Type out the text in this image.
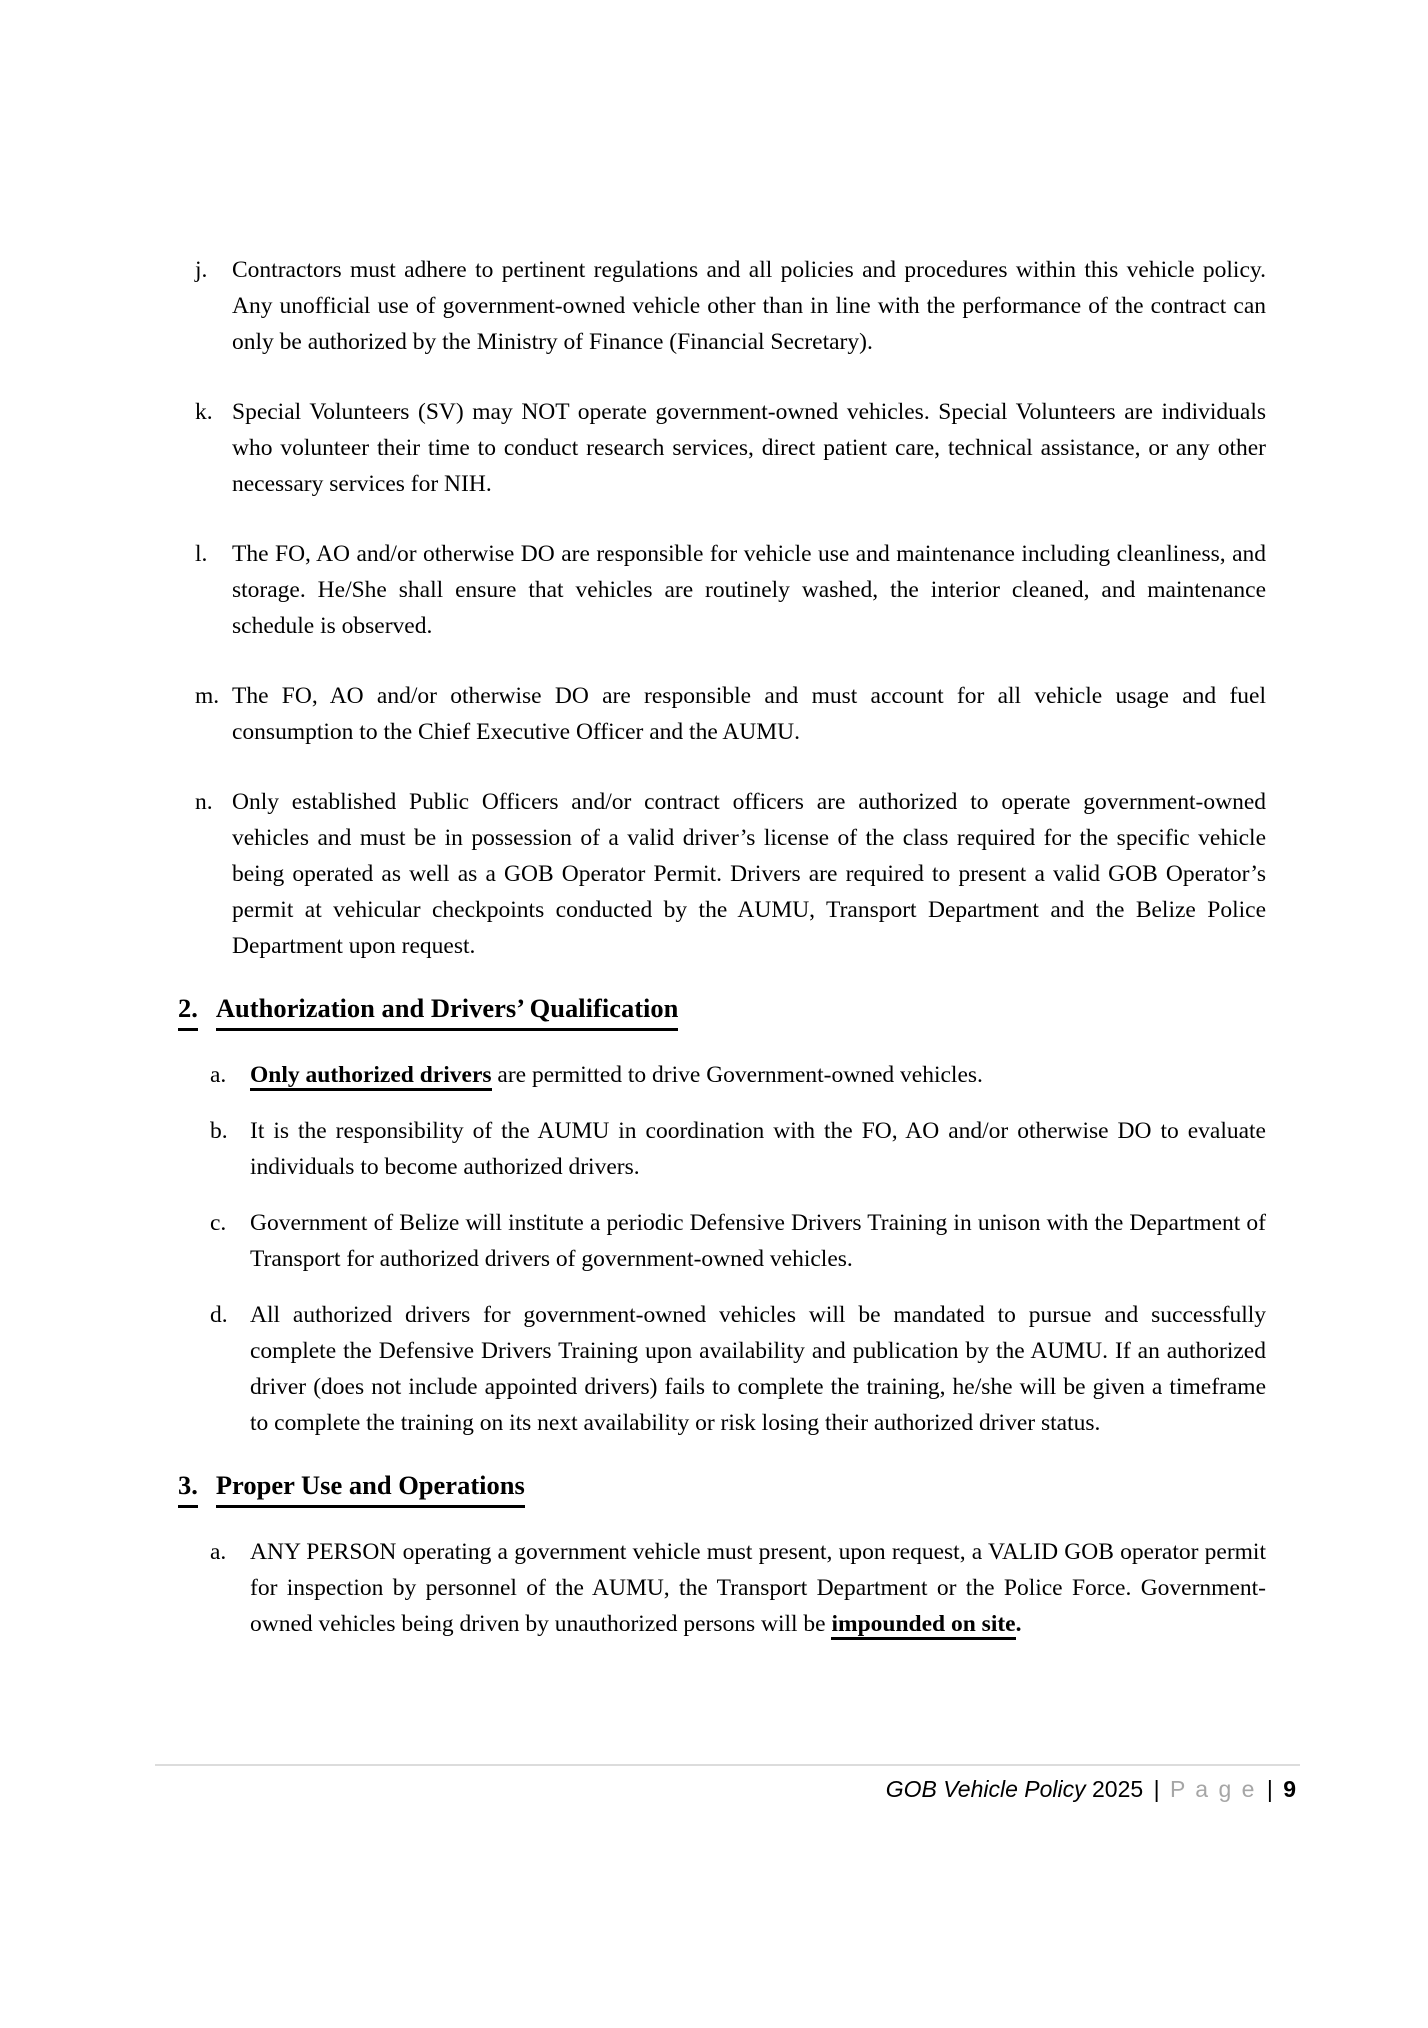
j.	Contractors must adhere to pertinent regulations and all policies and procedures within this vehicle policy. Any unofficial use of government-owned vehicle other than in line with the performance of the contract can only be authorized by the Ministry of Finance (Financial Secretary).
k. Special Volunteers (SV) may NOT operate government-owned vehicles. Special Volunteers are individuals who volunteer their time to conduct research services, direct patient care, technical assistance, or any other necessary services for NIH.
l.	The FO, AO and/or otherwise DO are responsible for vehicle use and maintenance including cleanliness, and storage. He/She shall ensure that vehicles are routinely washed, the interior cleaned, and maintenance schedule is observed.
m. The FO, AO and/or otherwise DO are responsible and must account for all vehicle usage and fuel consumption to the Chief Executive Officer and the AUMU.
n. Only established Public Officers and/or contract officers are authorized to operate government-owned vehicles and must be in possession of a valid driver’s license of the class required for the specific vehicle being operated as well as a GOB Operator Permit. Drivers are required to present a valid GOB Operator’s permit at vehicular checkpoints conducted by the AUMU, Transport Department and the Belize Police Department upon request.
2. Authorization and Drivers’ Qualification
a.	Only authorized drivers are permitted to drive Government-owned vehicles.
b. It is the responsibility of the AUMU in coordination with the FO, AO and/or otherwise DO to evaluate individuals to become authorized drivers.
c.	Government of Belize will institute a periodic Defensive Drivers Training in unison with the Department of Transport for authorized drivers of government-owned vehicles.
d. All authorized drivers for government-owned vehicles will be mandated to pursue and successfully complete the Defensive Drivers Training upon availability and publication by the AUMU. If an authorized driver (does not include appointed drivers) fails to complete the training, he/she will be given a timeframe to complete the training on its next availability or risk losing their authorized driver status.
3. Proper Use and Operations
a.	ANY PERSON operating a government vehicle must present, upon request, a VALID GOB operator permit for inspection by personnel of the AUMU, the Transport Department or the Police Force. Government-owned vehicles being driven by unauthorized persons will be impounded on site.
GOB Vehicle Policy 2025 | P a g e | 9
